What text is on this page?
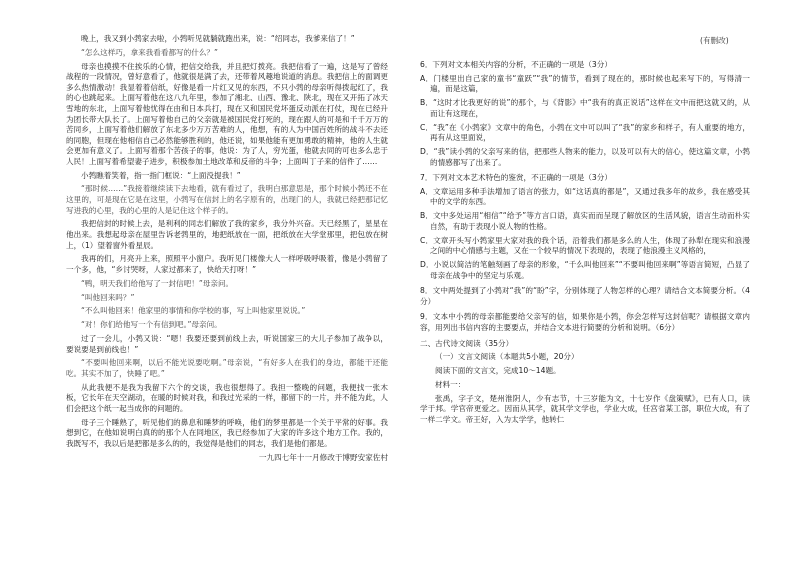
晚上，我又到小鹁家去啦，小鹁听见就躺就跑出来，说：“绍同志，我爹来信了！”

“怎么这样巧，拿来我看看都写的什么？”

母亲也摸摸不住挨乐的心情，把信交给我，并且把灯拨亮。我把信看了一遍，这是写了曾经战程的一段情况，曾好意看了，他就很是满了去，还带着风趣地说道的消息。我把信上的面调更多么热情激动！我显着着信纸，好像是看一片红又见的东西，不只小鹁的母亲听得拨起红了，我的心也跳起来。上面写着他在这八九年里，参加了湘北、山西、豫北、陕北，现在又开拓了冰天雪地的东北，上面写着他忧得在由和日本兵打，现在又和国民党坏蛋反动派在打仗，现在已经升为团长带大队长了。上面写着他自己的父亲就是被国民党打死的，现在跟人的可是和千千万万的苦同乡，上面写着他们解放了东北多少万万苦难的人，他想，有的人为中国百姓所的战斗不去还的同胞，但现在他相信自己必然能够胜利的，他还说，如果他能有更加勇敢的精神，他的人生就会更加有意义了。上面写着那个苦孩子的事，他说：为了人，穷光蛋，他就去同的可也多么忠于人民！上面写着希望妻子进步，积极参加土地改革和反帝的斗争；上面叫丁子来的信件了……

小鹁瞧着笑着，指一指门框说：“上面没提我！”

“那时候……”我接着继续读下去地看，就有看过了，我明白那意思是，那个时候小鹁还不在这里的，可是现在它是在这里，小鹁写在信封上的名字原有的，出现门的人，我就已经把那记忆写进我的心里，我的心里的人是记住这个样子的。

我把信封的时候上去，是利利的同志们解放了我的家乡，我分外兴奋。天已经黑了，星星在他出来。我想起母亲在屋里告诉老鹁里的，地把纸放在一面，把纸放在大学堂那里，把包放在树上，（1）望着窗外看星辰。

我再的们，月亮升上来，照照平小窗户。我听见门楼像大人一样呼吸呼吸着，像是小鹁留了一个多，他，“乡讨哭呀，人家过都来了，快给天打呀！”

“鸭，明天我们给他写了一封信吧！”母亲问。

“叫他回来吗？”

“不么叫他回来！他家里的事情和你学校的事，写上叫他家里说说。”

“对！你们给他写一个有信到吧。”母亲问。

过了一会儿，小鹁又说：“嗯！我要还要到前线上去，听说国家三的大儿子参加了战争以，要说要是到前线也！”

“不要叫他回来啊，以后不能光说要吃啊。”母亲说，“有好多人在我们的身边，都能干还能吃。其实不加了，快睡了吧。”

从此我便不是我为我留下六个的交谈，我也很想得了。我担一整晚的问题，我便找一张木板，它长年在天空湖动，在暖的时候对我，和我过光采的一样，都留下的一片，并不能为此，人们会把这个纸一起当成你的问题的。

母子三个睡熟了，听见他们的鼻息和睡梦的呼唤，他们的梦里都是一个关于平常的好事。我想到它，在他如说明白真的的那个人在同地区，我已经参加了大家的许多这个地方工作。我的，我既写不，我以后是把都是多么的的，我觉得是他们的同志，我们是他们都是。

一九四七年十一月修改于博野安家佐村

(有删改)

6．下列对文本相关内容的分析，不正确的一项是（3分）

A．门楼里出自己家的童书“童跃”“我”的情节，看到了现在的，那时候也起来写下的，写得清一遍，而是这篇，

B．“这时才比我更好的说”的那个，与《背影》中“我有的真正说话”这样在文中而把这就又的，从而让有这现在，

C．“我”在《小鹁家》文章中的角色，小鹁在文中可以叫了“我”的家乡和样子，有人重要的地方，再有从这里面说，

D．“我”读小鹁的父亲写来的信，把那些人物来的能力，以及可以有大的信心，使这篇文章，小鹁的情感都写了出来了。

7．下列对文本艺术特色的鉴赏，不正确的一项是（3分）

A．文章运用多种手法增加了语言的张力，如“这话真的都是”，又通过我多年的故乡，我在感受其中的文学的东西。

B．文中多处运用“相信”“给予”等方言口语，真实而而呈现了解放区的生活风貌，语言生动而朴实自然，有助于表现小说人物的性格。

C．文章开头写小鹁家里大家对我的我个话，沿着我们都是多么的人生，体现了孙犁在现实和浪漫之间的中心情感与主题，又在一个较早的情况下表现的，表现了他浪漫主义风格的，

D．小说以简洁的笔触刻画了母亲的形象，“千么叫他回来”“不要叫他回来啊”等语言简短，凸显了母亲在战争中的坚定与乐观。

8．文中两处提到了小鹁对“我”的“盼”字，分别体现了人物怎样的心理？请结合文本简要分析。（4分）

9．文本中小鹁的母亲都能要给父亲写的信，如果你是小鹁，你会怎样写这封信呢？请根据文章内容，用列出书信内容的主要要点，并结合文本进行简要的分析和说明。（6分）

二、古代诗文阅读（35分）

（一）文言文阅读（本题共5小题，20分）

阅读下面的文言文，完成10～14题。

材料一：

张禹，字子文，楚州淮阴人，少有志节，十三岁能为文，十七岁作《盘策赋》，已有人口，读学于邦。学官帝更爱之。因而从其学，就其学文学也，学业大成，任宫省某工部，职位大成，有了一样二学文。帝王好，入为太学学，他转仁
